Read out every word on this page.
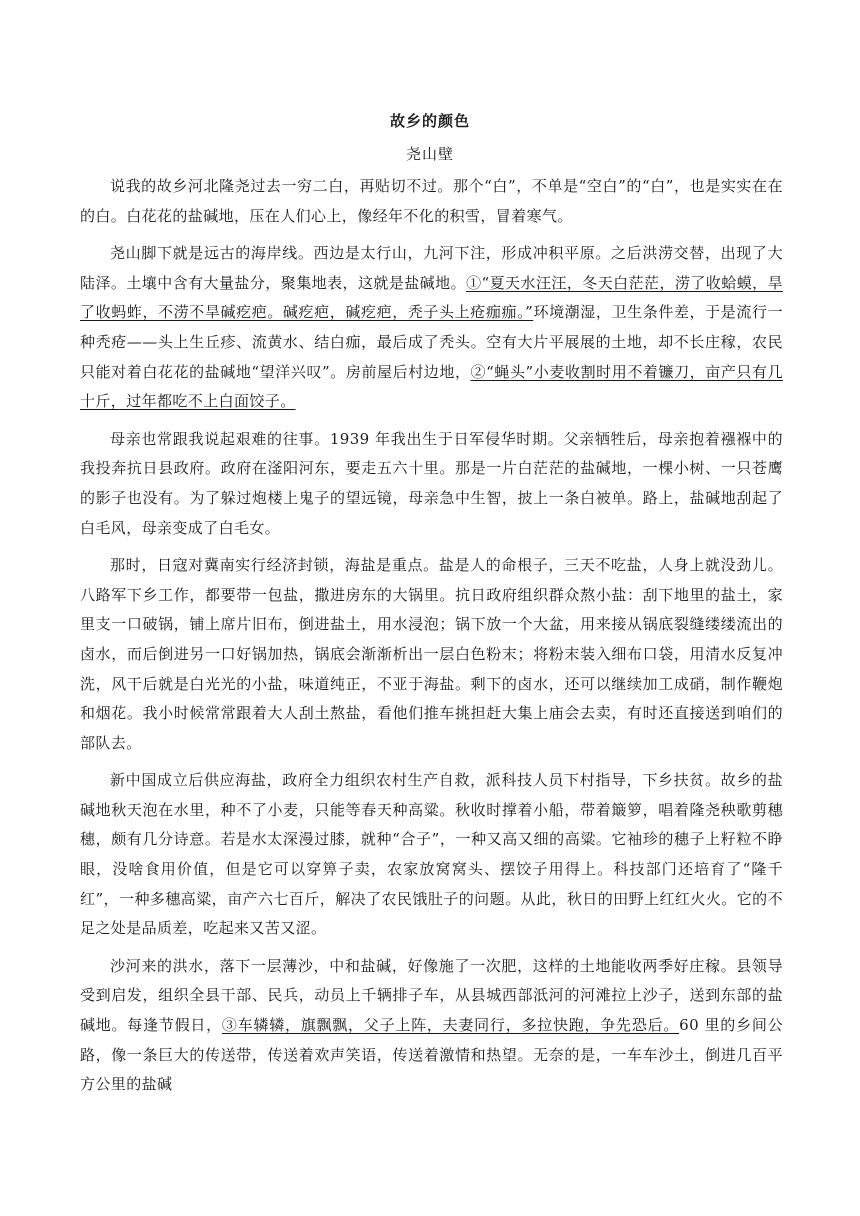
故乡的颜色
尧山壁

说我的故乡河北隆尧过去一穷二白，再贴切不过。那个“白”，不单是“空白”的“白”，也是实实在在的白。白花花的盐碱地，压在人们心上，像经年不化的积雪，冒着寒气。

尧山脚下就是远古的海岸线。西边是太行山，九河下注，形成冲积平原。之后洪涝交替，出现了大陆泽。土壤中含有大量盐分，聚集地表，这就是盐碱地。①“夏天水汪汪，冬天白茫茫，涝了收蛤蟆，旱了收蚂蚱，不涝不旱碱疙疤。碱疙疤，碱疙疤，秃子头上疮痂痂。”环境潮湿，卫生条件差，于是流行一种秃疮——头上生丘疹、流黄水、结白痂，最后成了秃头。空有大片平展展的土地，却不长庄稼，农民只能对着白花花的盐碱地“望洋兴叹”。房前屋后村边地，②“蝇头”小麦收割时用不着镰刀，亩产只有几十斤，过年都吃不上白面饺子。

母亲也常跟我说起艰难的往事。1939 年我出生于日军侵华时期。父亲牺牲后，母亲抱着襁褓中的我投奔抗日县政府。政府在滏阳河东，要走五六十里。那是一片白茫茫的盐碱地，一棵小树、一只苍鹰的影子也没有。为了躲过炮楼上鬼子的望远镜，母亲急中生智，披上一条白被单。路上，盐碱地刮起了白毛风，母亲变成了白毛女。

那时，日寇对冀南实行经济封锁，海盐是重点。盐是人的命根子，三天不吃盐，人身上就没劲儿。八路军下乡工作，都要带一包盐，撒进房东的大锅里。抗日政府组织群众熬小盐：刮下地里的盐土，家里支一口破锅，铺上席片旧布，倒进盐土，用水浸泡；锅下放一个大盆，用来接从锅底裂缝缕缕流出的卤水，而后倒进另一口好锅加热，锅底会渐渐析出一层白色粉末；将粉末装入细布口袋，用清水反复冲洗，风干后就是白光光的小盐，味道纯正，不亚于海盐。剩下的卤水，还可以继续加工成硝，制作鞭炮和烟花。我小时候常常跟着大人刮土熬盐，看他们推车挑担赶大集上庙会去卖，有时还直接送到咱们的部队去。

新中国成立后供应海盐，政府全力组织农村生产自救，派科技人员下村指导，下乡扶贫。故乡的盐碱地秋天泡在水里，种不了小麦，只能等春天种高粱。秋收时撑着小船，带着簸箩，唱着隆尧秧歌剪穗穗，颇有几分诗意。若是水太深漫过膝，就种“合子”，一种又高又细的高粱。它袖珍的穗子上籽粒不睁眼，没啥食用价值，但是它可以穿箅子卖，农家放窝窝头、摆饺子用得上。科技部门还培育了“隆千红”，一种多穗高粱，亩产六七百斤，解决了农民饿肚子的问题。从此，秋日的田野上红红火火。它的不足之处是品质差，吃起来又苦又涩。

沙河来的洪水，落下一层薄沙，中和盐碱，好像施了一次肥，这样的土地能收两季好庄稼。县领导受到启发，组织全县干部、民兵，动员上千辆排子车，从县城西部泜河的河滩拉上沙子，送到东部的盐碱地。每逢节假日，③车辚辚，旗飘飘，父子上阵，夫妻同行，多拉快跑，争先恐后。60 里的乡间公路，像一条巨大的传送带，传送着欢声笑语，传送着激情和热望。无奈的是，一车车沙土，倒进几百平方公里的盐碱
